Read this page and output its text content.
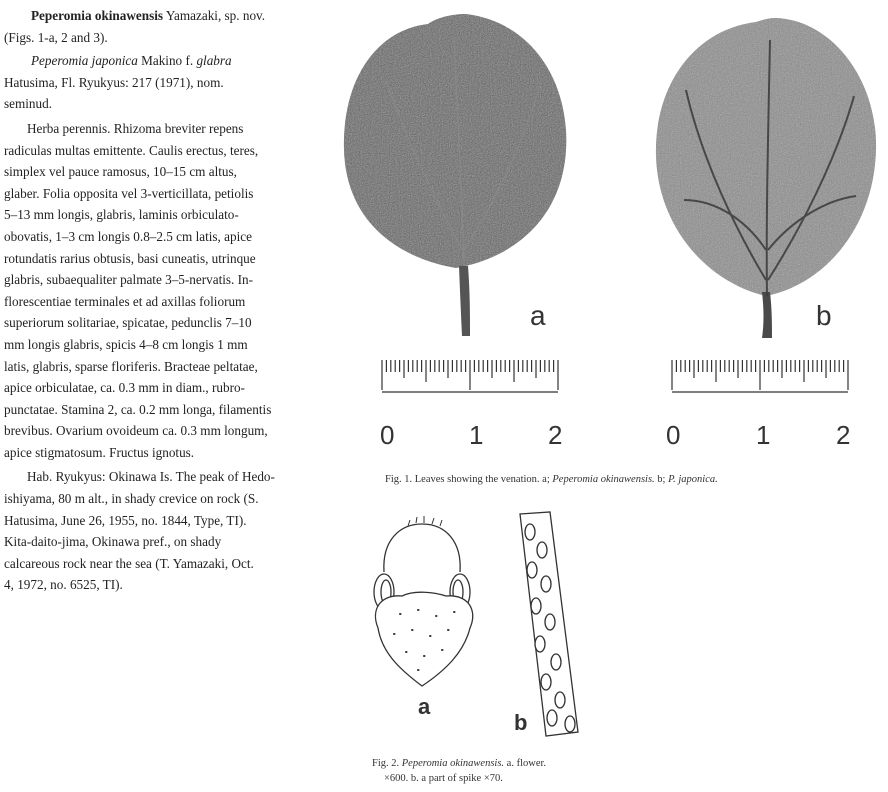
Peperomia okinawensis Yamazaki, sp. nov.
(Figs. 1-a, 2 and 3).

Peperomia japonica Makino f. glabra
Hatusima, Fl. Ryukyus: 217 (1971), nom.
seminud.

Herba perennis. Rhizoma breviter repens
radiculas multas emittente. Caulis erectus, teres,
simplex vel pauce ramosus, 10–15 cm altus,
glaber. Folia opposita vel 3-verticillata, petiolis
5–13 mm longis, glabris, laminis orbiculato-
obovatis, 1–3 cm longis 0.8–2.5 cm latis, apice
rotundatis rarius obtusis, basi cuneatis, utrinque
glabris, subaequaliter palmate 3–5-nervatis. In-
florescentiae terminales et ad axillas foliorum
superiorum solitariae, spicatae, pedunclis 7–10
mm longis glabris, spicis 4–8 cm longis 1 mm
latis, glabris, sparse floriferis. Bracteae peltatae,
apice orbiculatae, ca. 0.3 mm in diam., rubro-
punctatae. Stamina 2, ca. 0.2 mm longa, filamentis
brevibus. Ovarium ovoideum ca. 0.3 mm longum,
apice stigmatosum. Fructus ignotus.

Hab. Ryukyus: Okinawa Is. The peak of Hedo-
ishiyama, 80 m alt., in shady crevice on rock (S.
Hatusima, June 26, 1955, no. 1844, Type, TI).
Kita-daito-jima, Okinawa pref., on shady
calcareous rock near the sea (T. Yamazaki, Oct.
4, 1972, no. 6525, TI).

a	b
0	1 2	0	1	2
Fig. 1. Leaves showing the venation. a; Peperomia okinawensis. b; P. japonica.
a
b
Fig. 2. Peperomia okinawensis. a. flower.
×600. b. a part of spike ×70.
